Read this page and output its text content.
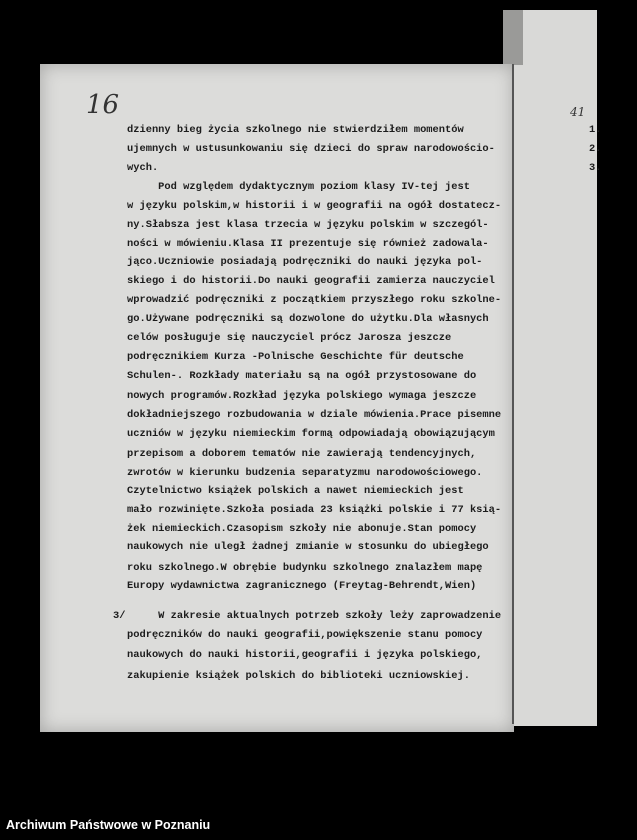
41
1.
2.
3.
16
dzienny bieg życia szkolnego nie stwierdziłem momentów
ujemnych w ustusunkowaniu się dzieci do spraw narodowościo-
wych.
Pod względem dydaktycznym poziom klasy IV-tej jest
w języku polskim,w historii i w geografii na ogół dostatecz-
ny.Słabsza jest klasa trzecia w języku polskim w szczegól-
ności w mówieniu.Klasa II prezentuje się również zadowala-
jąco.Uczniowie posiadają podręczniki do nauki języka pol-
skiego i do historii.Do nauki geografii zamierza nauczyciel
wprowadzić podręczniki z początkiem przyszłego roku szkolne-
go.Używane podręczniki są dozwolone do użytku.Dla własnych
celów posługuje się nauczyciel prócz Jarosza jeszcze
podręcznikiem Kurza -Polnische Geschichte für deutsche
Schulen-. Rozkłady materiału są na ogół przystosowane do
nowych programów.Rozkład języka polskiego wymaga jeszcze
dokładniejszego rozbudowania w dziale mówienia.Prace pisemne
uczniów w języku niemieckim formą odpowiadają obowiązującym
przepisom a doborem tematów nie zawierają tendencyjnych,
zwrotów w kierunku budzenia separatyzmu narodowościowego.
Czytelnictwo książek polskich a nawet niemieckich jest
mało rozwinięte.Szkoła posiada 23 książki polskie i 77 ksią-
żek niemieckich.Czasopism szkoły nie abonuje.Stan pomocy
naukowych nie uległ żadnej zmianie w stosunku do ubiegłego
roku szkolnego.W obrębie budynku szkolnego znalazłem mapę
Europy wydawnictwa zagranicznego (Freytag-Behrendt,Wien)
3/ W zakresie aktualnych potrzeb szkoły leży zaprowadzenie
podręczników do nauki geografii,powiększenie stanu pomocy
naukowych do nauki historii,geografii i języka polskiego,
zakupienie książek polskich do biblioteki uczniowskiej.
Archiwum Państwowe w Poznaniu
